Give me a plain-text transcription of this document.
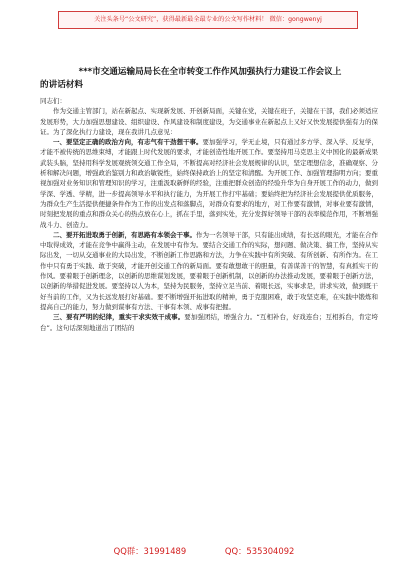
关注头条号“公文研究”，获得最新最全最专业的公文写作材料！ 微信：gongwenyj
***市交通运输局局长在全市转变工作作风加强执行力建设工作会议上
的讲话材料

同志们：

作为交通主管部门，站在新起点、实现新发展、开创新局面，关键在党，关键在班子，关键在干部，我们必须适应发展形势，大力加强思想建设、组织建设、作风建设和制度建设，为交通事业在新起点上又好又快发展提供强有力的保证。为了深化执行力建设，现在我讲几点意见：

一、要坚定正确的政治方向，有志气有干劲想干事。要加强学习，学无止境，只有通过多方学、深入学、反复学，才能不被传统的思维束缚，才能跟上时代发展的要求，才能创造性地开展工作。要坚持用马克思主义中国化的最新成果武装头脑，坚持用科学发展观统领交通工作全局，不断提高对经济社会发展规律的认识，坚定理想信念，准确观察、分析和解决问题，增强政治鉴别力和政治敏锐性，始终保持政治上的坚定和清醒。为开展工作、加强管理指明方向；要重视加强对业务知识和管理知识的学习，注重汲取新鲜的经验，注重把群众创造的经验升华为自身开展工作的动力，做到学深、学透、学精，进一步提高领导水平和执行能力，为开展工作打牢基础；要始终把为经济社会发展提供优质服务，为群众生产生活提供便捷条件作为工作的出发点和落脚点，对群众有要求的地方，对工作要有激情，对事业要有激情，时刻把发展的重点和群众关心的热点放在心上，抓在手里，落到实处，充分发挥好领导干部的表率模范作用，不断增强战斗力、创造力。

二、要开拓进取勇于创新，有思路有本领会干事。作为一名领导干部，只有能出成绩，有长远的眼光，才能在合作中取得成效，才能在竞争中赢得主动，在发展中有作为。要结合交通工作的实际，想问题、做决策、搞工作，坚持从实际出发，一切从交通事业的大局出发，不断创新工作思路和方法，力争在实践中有所突破、有所创新、有所作为。在工作中只有勇于实践、敢于突破，才能开创交通工作的新局面。要有敢想敢干的胆量，有善谋善干的智慧，有真抓实干的作风。要着眼于创新理念，以创新的思维谋划发展，要着眼于创新机制，以创新的办法推动发展，要着眼于创新方法，以创新的举措促进发展。要坚持以人为本，坚持为民服务，坚持立足当前、着眼长远，实事求是，讲求实效，做到既干好当前的工作，又为长远发展打好基础。要不断增强开拓进取的精神，勇于克服困难，敢于攻坚克难，在实践中锻炼和提高自己的能力，努力做到谋事有方法、干事有本领、成事有把握。

三、要有严明的纪律，重实干求实效干成事。要加强团结，增强合力。“互相补台，好戏连台；互相拆台，肯定垮台”。这句话深刻地道出了团结的

QQ群：31991489	QQ：535304092
